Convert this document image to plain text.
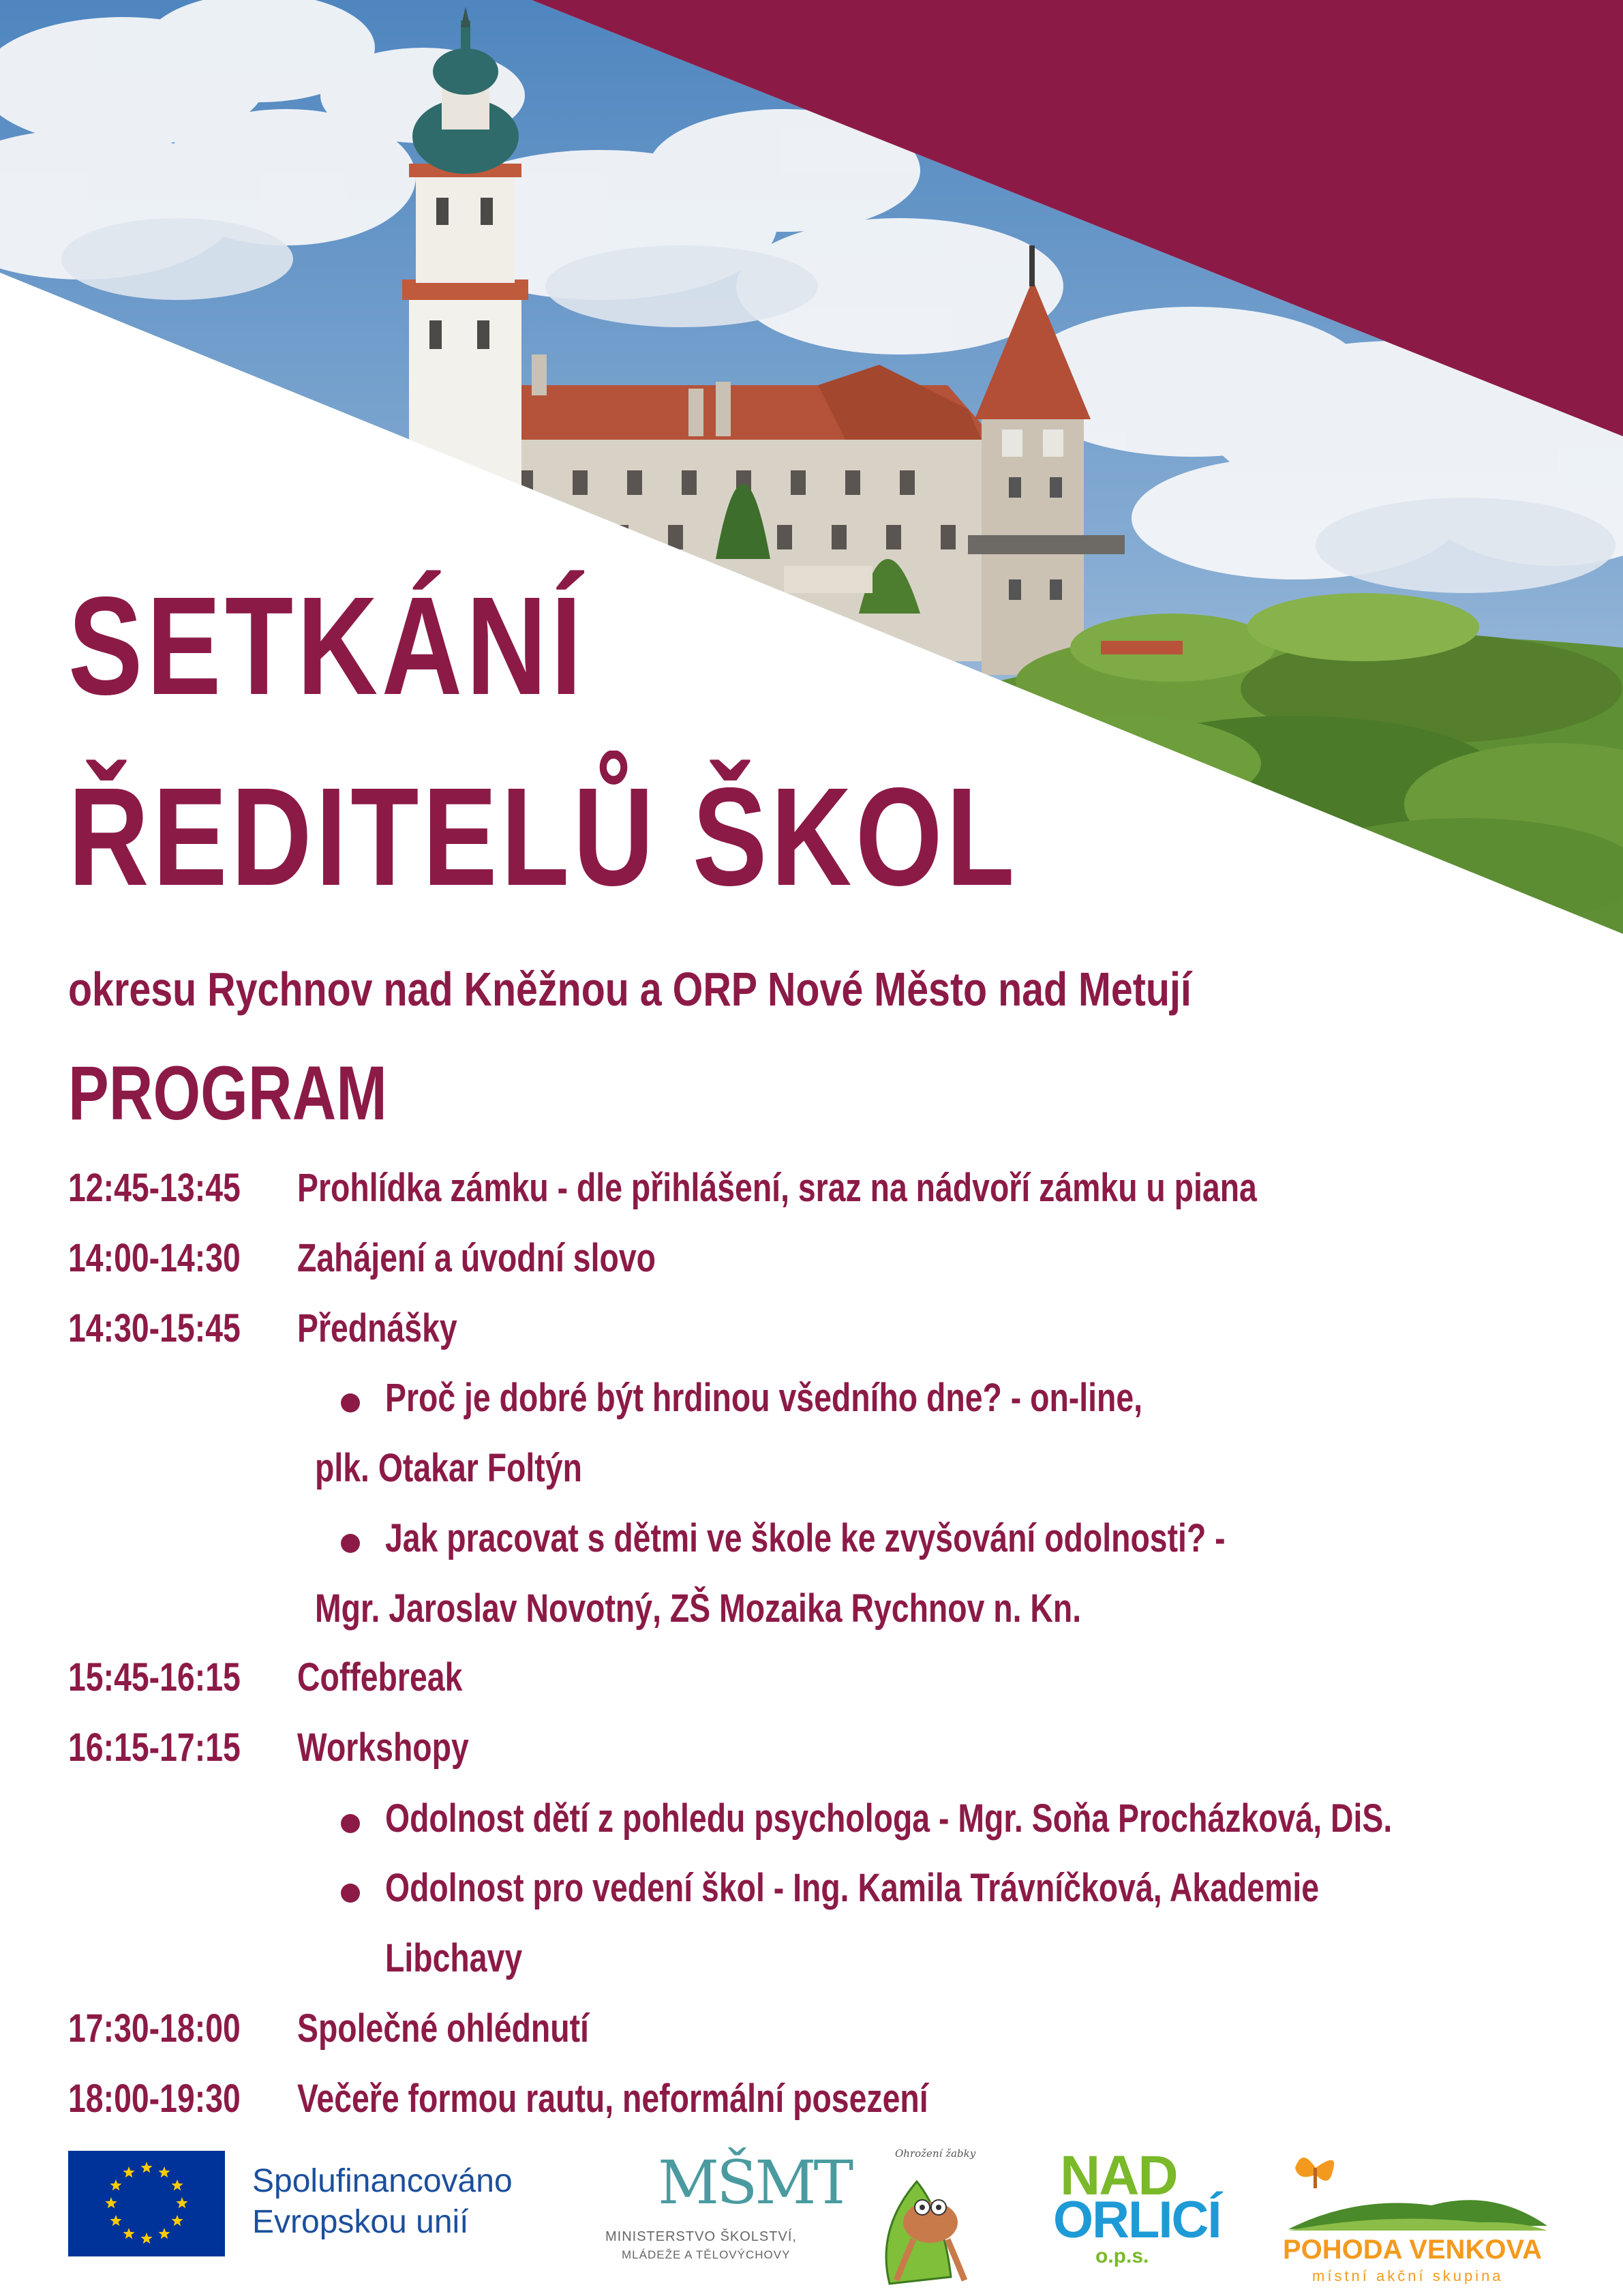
SETKÁNÍ
ŘEDITELŮ ŠKOL

okresu Rychnov nad Kněžnou a ORP Nové Město nad Metují

PROGRAM
12:45-13:45 Prohlídka zámku - dle přihlášení, sraz na nádvoří zámku u piana
14:00-14:30 Zahájení a úvodní slovo
14:30-15:45 Přednášky
Proč je dobré být hrdinou všedního dne? - on-line,
plk. Otakar Foltýn
Jak pracovat s dětmi ve škole ke zvyšování odolnosti? -
Mgr. Jaroslav Novotný, ZŠ Mozaika Rychnov n. Kn.
15:45-16:15 Coffebreak
16:15-17:15 Workshopy
Odolnost dětí z pohledu psychologa - Mgr. Soňa Procházková, DiS.
Odolnost pro vedení škol - Ing. Kamila Trávníčková, Akademie
Libchavy
17:30-18:00 Společné ohlédnutí
18:00-19:30 Večeře formou rautu, neformální posezení
Spolufinancováno
Evropskou unií
MŠMT
MINISTERSTVO ŠKOLSTVÍ,
MLÁDEŽE A TĚLOVÝCHOVY
Ohrožení žabky NAD
ORLICÍ
o.p.s.	POHODA VENKOVA
místní akční skupina
